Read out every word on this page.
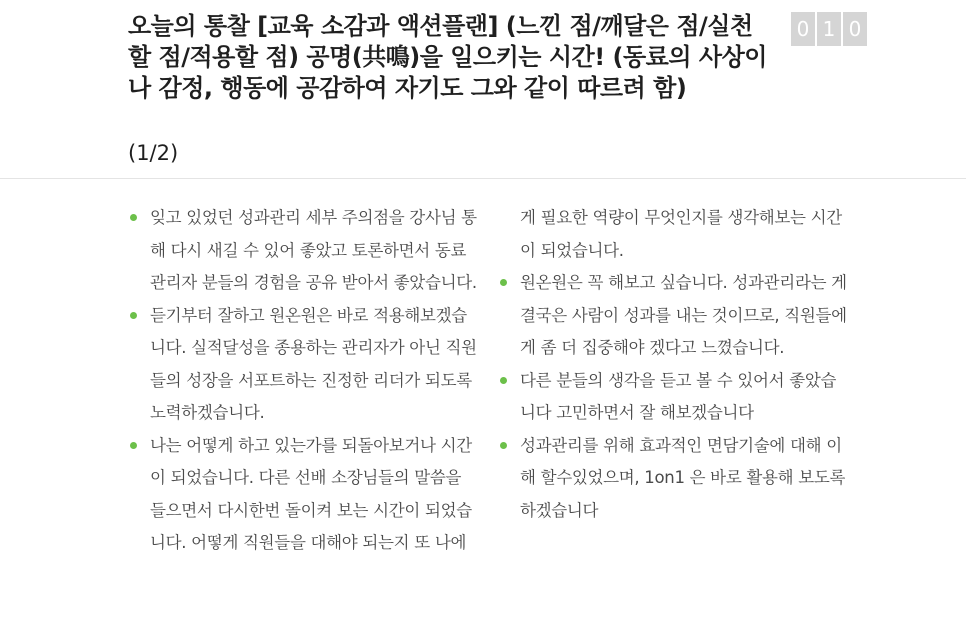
오늘의 통찰 [교육 소감과 액션플랜] (느낀 점/깨달은 점/실천할 점/적용할 점) 공명(共鳴)을 일으키는 시간! (동료의 사상이나 감정, 행동에 공감하여 자기도 그와 같이 따르려 함)
(1/2)
0 1 0
잊고 있었던 성과관리 세부 주의점을 강사님 통해 다시 새길 수 있어 좋았고 토론하면서 동료 관리자 분들의 경험을 공유 받아서 좋았습니다.
듣기부터 잘하고 원온원은 바로 적용해보겠습니다. 실적달성을 종용하는 관리자가 아닌 직원들의 성장을 서포트하는 진정한 리더가 되도록 노력하겠습니다.
나는 어떻게 하고 있는가를 되돌아보거나 시간이 되었습니다. 다른 선배 소장님들의 말씀을 들으면서 다시한번 돌이켜 보는 시간이 되었습니다. 어떻게 직원들을 대해야 되는지 또 나에게 필요한 역량이 무엇인지를 생각해보는 시간이 되었습니다.
원온원은 꼭 해보고 싶습니다. 성과관리라는 게 결국은 사람이 성과를 내는 것이므로, 직원들에게 좀 더 집중해야 겠다고 느꼈습니다.
다른 분들의 생각을 듣고 볼 수 있어서 좋았습니다 고민하면서 잘 해보겠습니다
성과관리를 위해 효과적인 면담기술에 대해 이해 할수있었으며, 1on1 은 바로 활용해 보도록 하겠습니다
